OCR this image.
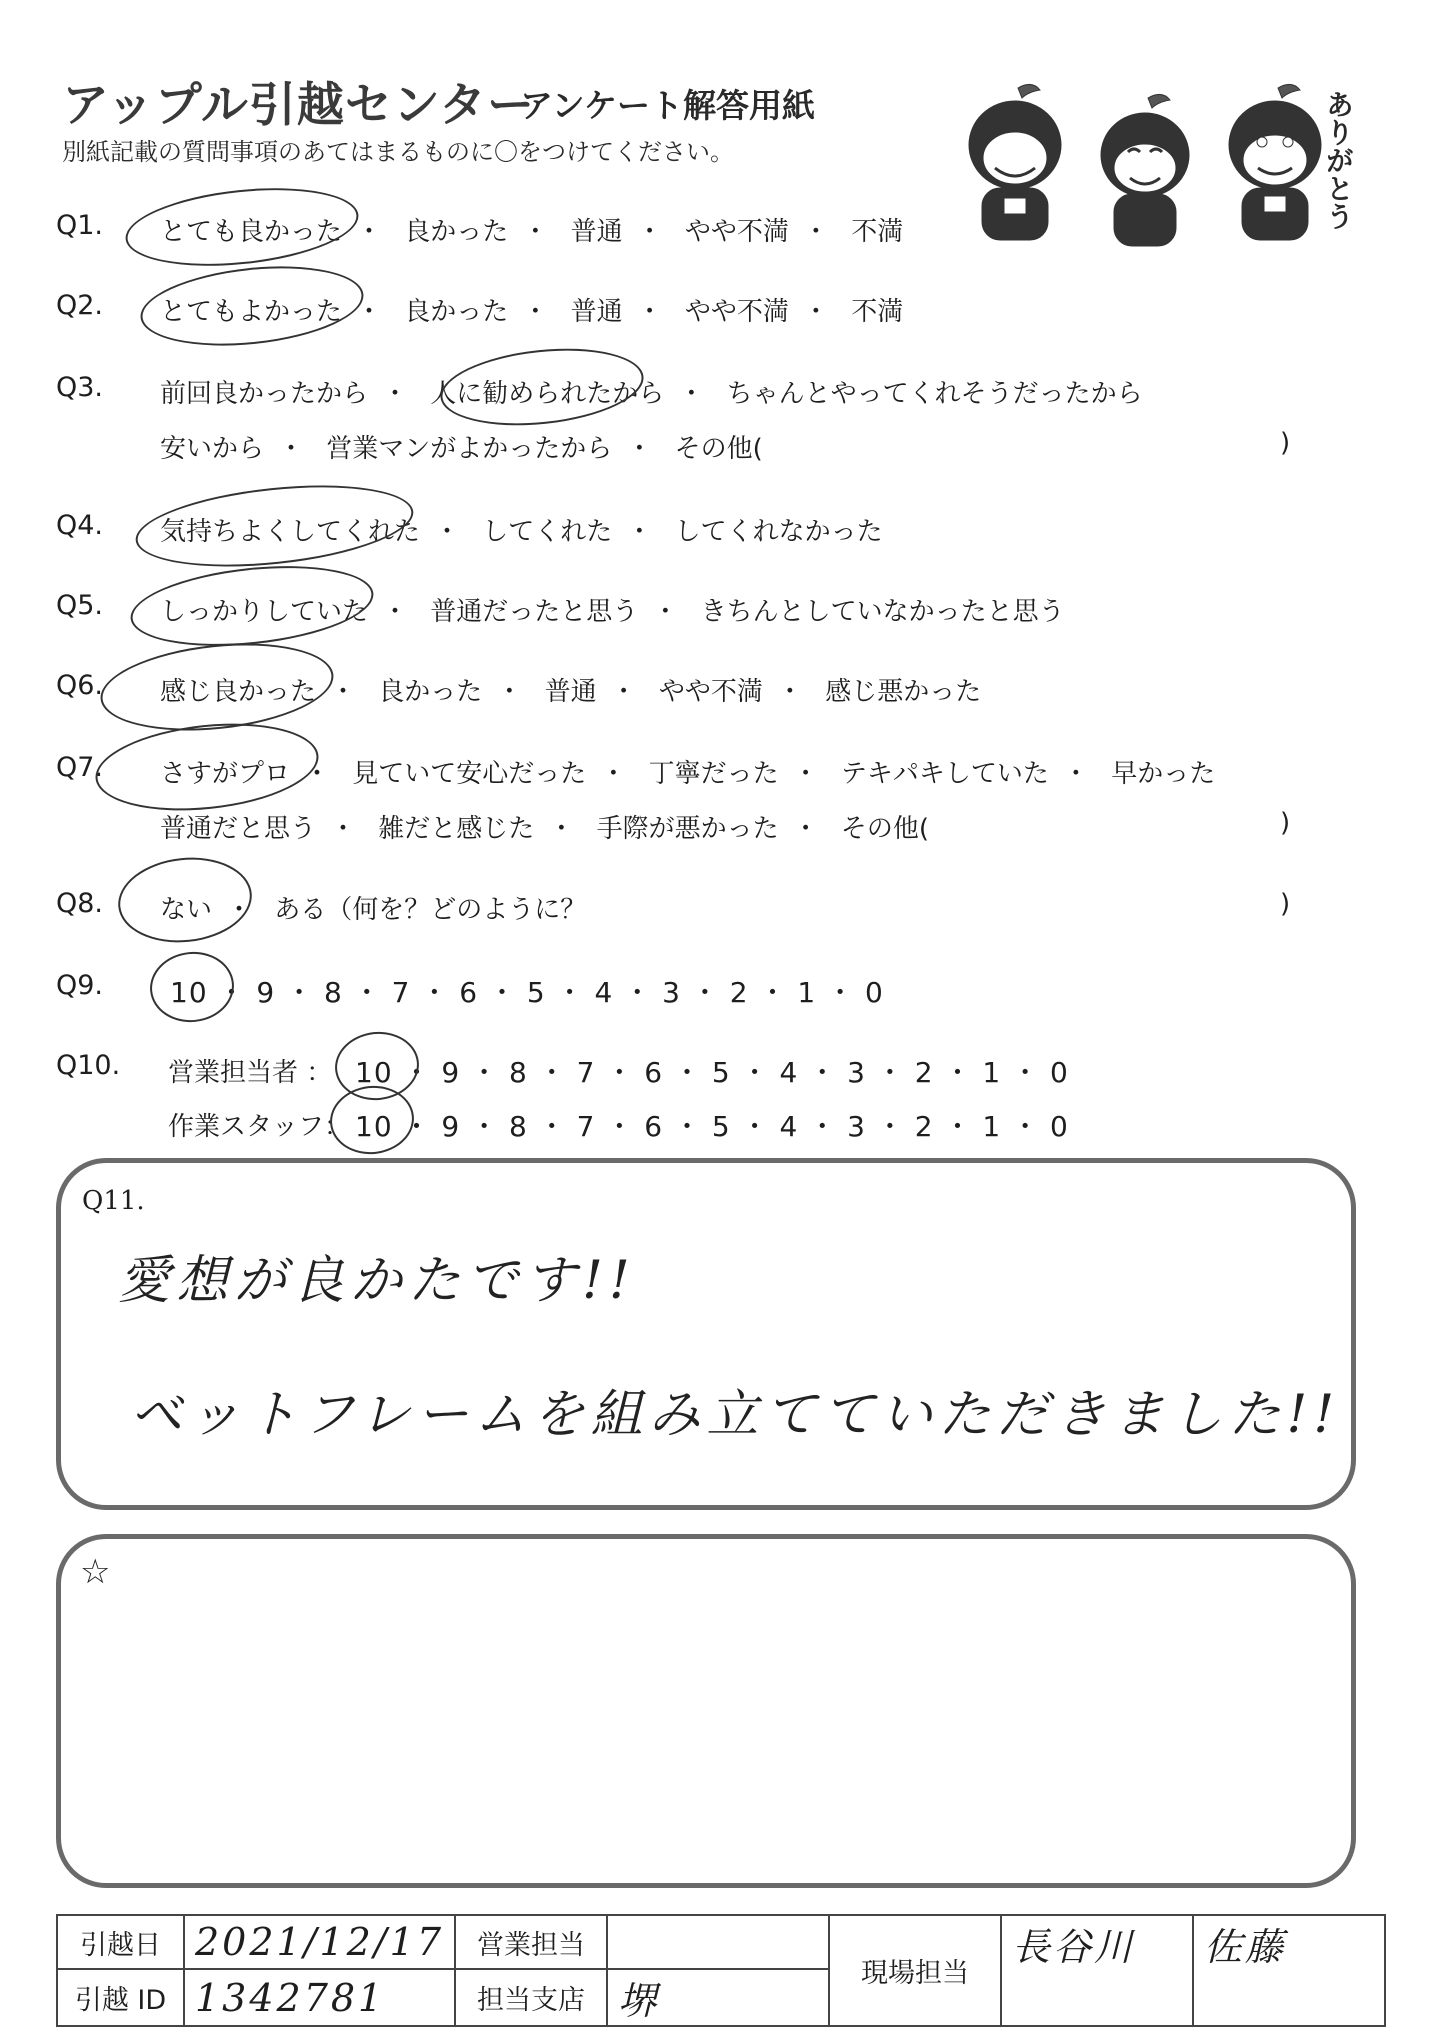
アップル引越センター
アンケート解答用紙
別紙記載の質問事項のあてはまるものに〇をつけてください。	ありがとう
Q1. とても良かった ・ 良かった ・ 普通 ・ やや不満 ・ 不満
Q2. とてもよかった ・ 良かった ・ 普通 ・ やや不満 ・ 不満
Q3. 前回良かったから ・ 人に勧められたから ・ ちゃんとやってくれそうだったから
安いから ・ 営業マンがよかったから ・ その他(	)
Q4. 気持ちよくしてくれた ・ してくれた ・ してくれなかった
Q5. しっかりしていた ・ 普通だったと思う ・ きちんとしていなかったと思う
Q6. 感じ良かった ・ 良かった ・ 普通 ・ やや不満 ・ 感じ悪かった
Q7. さすがプロ ・ 見ていて安心だった ・ 丁寧だった ・ テキパキしていた ・ 早かった
普通だと思う ・ 雑だと感じた ・ 手際が悪かった ・ その他(	)
Q8. ない ・ ある（何を？どのように？	)
Q9. 10 ・ 9 ・ 8 ・ 7 ・ 6 ・ 5 ・ 4 ・ 3 ・ 2 ・ 1 ・ 0
Q10. 営業担当者 ： 10 ・ 9 ・ 8 ・ 7 ・ 6 ・ 5 ・ 4 ・ 3 ・ 2 ・ 1 ・ 0
作業スタッフ： 10 ・ 9 ・ 8 ・ 7 ・ 6 ・ 5 ・ 4 ・ 3 ・ 2 ・ 1 ・ 0
Q11.
愛想が良かたです!!
ベットフレームを組み立てていただきました!!
☆
引越日	2021/12/17	営業担当		現場担当	長谷川	佐藤
引越 ID	1342781	担当支店	堺			
